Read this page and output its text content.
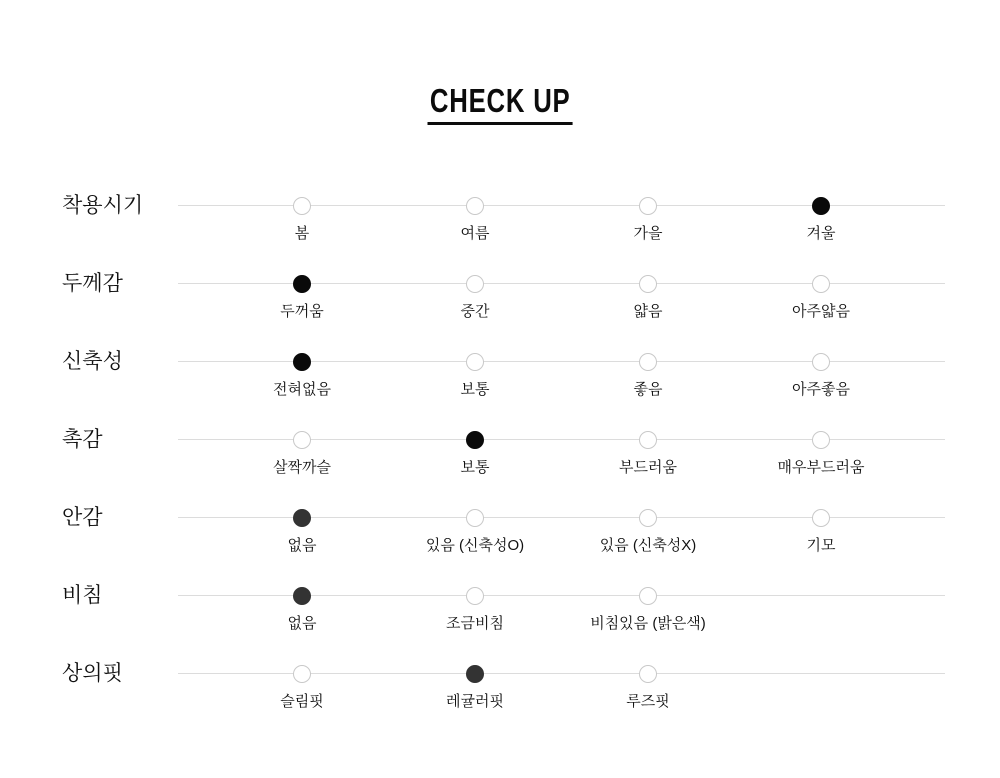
CHECK UP
착용시기
봄	여름	가을	겨울
두께감
두꺼움	중간	얇음	아주얇음
신축성
전혀없음	보통	좋음	아주좋음
촉감
살짝까슬	보통	부드러움	매우부드러움
안감
없음	있음 (신축성O)	있음 (신축성X)	기모
비침
없음	조금비침	비침있음 (밝은색)
상의핏
슬림핏	레귤러핏	루즈핏
